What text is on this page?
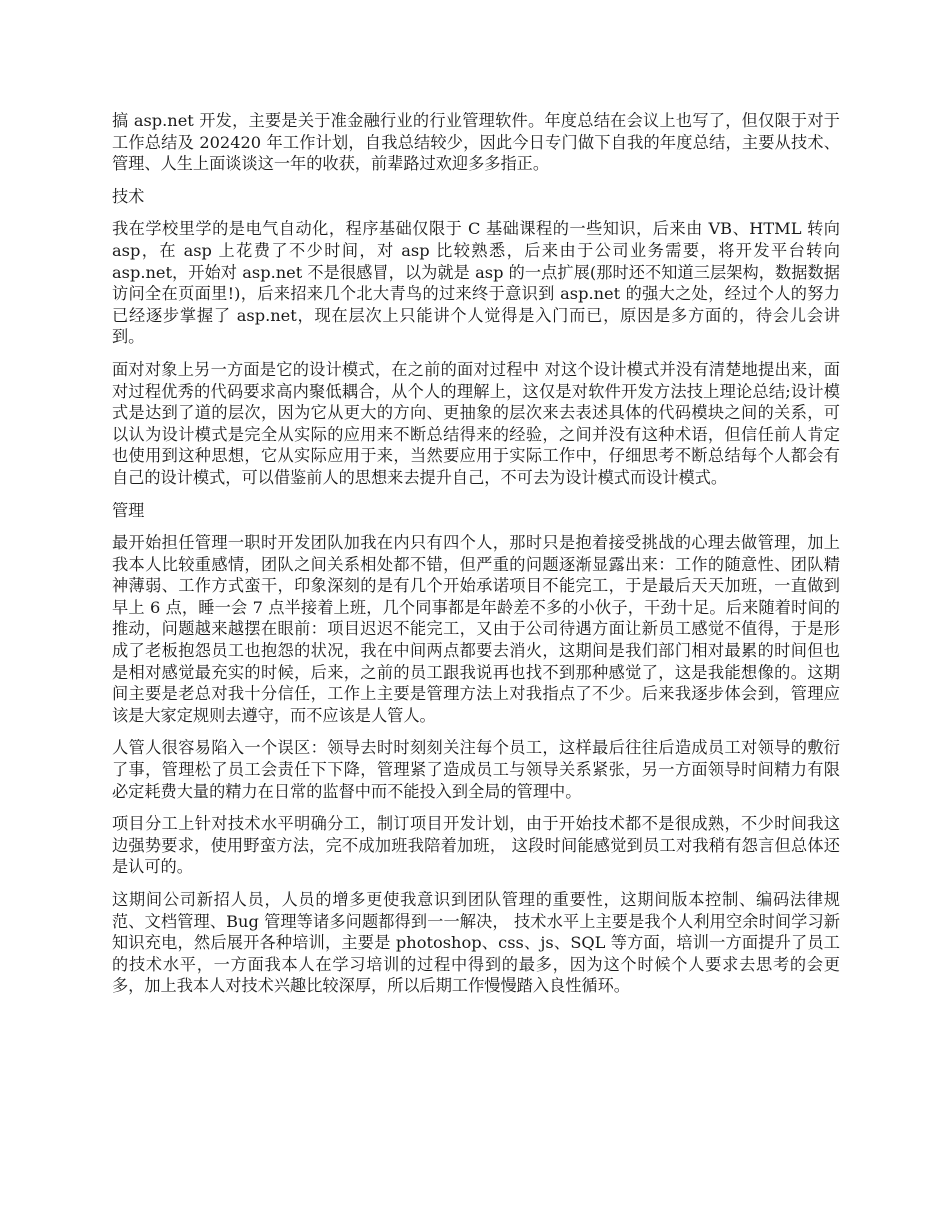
搞 asp.net 开发，主要是关于准金融行业的行业管理软件。年度总结在会议上也写了，但仅限于对于工作总结及 202420 年工作计划，自我总结较少，因此今日专门做下自我的年度总结，主要从技术、管理、人生上面谈谈这一年的收获，前辈路过欢迎多多指正。

技术

我在学校里学的是电气自动化，程序基础仅限于 C 基础课程的一些知识，后来由 VB、HTML 转向 asp，在 asp 上花费了不少时间，对 asp 比较熟悉，后来由于公司业务需要，将开发平台转向 asp.net，开始对 asp.net 不是很感冒，以为就是 asp 的一点扩展(那时还不知道三层架构，数据数据访问全在页面里!)，后来招来几个北大青鸟的过来终于意识到 asp.net 的强大之处，经过个人的努力已经逐步掌握了 asp.net，现在层次上只能讲个人觉得是入门而已，原因是多方面的，待会儿会讲到。

面对对象上另一方面是它的设计模式，在之前的面对过程中 对这个设计模式并没有清楚地提出来，面对过程优秀的代码要求高内聚低耦合，从个人的理解上，这仅是对软件开发方法技上理论总结;设计模式是达到了道的层次，因为它从更大的方向、更抽象的层次来去表述具体的代码模块之间的关系，可以认为设计模式是完全从实际的应用来不断总结得来的经验，之间并没有这种术语，但信任前人肯定也使用到这种思想，它从实际应用于来，当然要应用于实际工作中，仔细思考不断总结每个人都会有自己的设计模式，可以借鉴前人的思想来去提升自己，不可去为设计模式而设计模式。

管理

最开始担任管理一职时开发团队加我在内只有四个人，那时只是抱着接受挑战的心理去做管理，加上我本人比较重感情，团队之间关系相处都不错，但严重的问题逐渐显露出来：工作的随意性、团队精神薄弱、工作方式蛮干，印象深刻的是有几个开始承诺项目不能完工，于是最后天天加班，一直做到早上 6 点，睡一会 7 点半接着上班，几个同事都是年龄差不多的小伙子，干劲十足。后来随着时间的推动，问题越来越摆在眼前：项目迟迟不能完工，又由于公司待遇方面让新员工感觉不值得，于是形成了老板抱怨员工也抱怨的状况，我在中间两点都要去消火，这期间是我们部门相对最累的时间但也是相对感觉最充实的时候，后来，之前的员工跟我说再也找不到那种感觉了，这是我能想像的。这期间主要是老总对我十分信任，工作上主要是管理方法上对我指点了不少。后来我逐步体会到，管理应该是大家定规则去遵守，而不应该是人管人。

人管人很容易陷入一个误区：领导去时时刻刻关注每个员工，这样最后往往后造成员工对领导的敷衍了事，管理松了员工会责任下下降，管理紧了造成员工与领导关系紧张，另一方面领导时间精力有限必定耗费大量的精力在日常的监督中而不能投入到全局的管理中。

项目分工上针对技术水平明确分工，制订项目开发计划，由于开始技术都不是很成熟，不少时间我这边强势要求，使用野蛮方法，完不成加班我陪着加班， 这段时间能感觉到员工对我稍有怨言但总体还是认可的。

这期间公司新招人员，人员的增多更使我意识到团队管理的重要性，这期间版本控制、编码法律规范、文档管理、Bug 管理等诸多问题都得到一一解决， 技术水平上主要是我个人利用空余时间学习新知识充电，然后展开各种培训，主要是 photoshop、css、js、SQL 等方面，培训一方面提升了员工的技术水平，一方面我本人在学习培训的过程中得到的最多，因为这个时候个人要求去思考的会更多，加上我本人对技术兴趣比较深厚，所以后期工作慢慢踏入良性循环。
